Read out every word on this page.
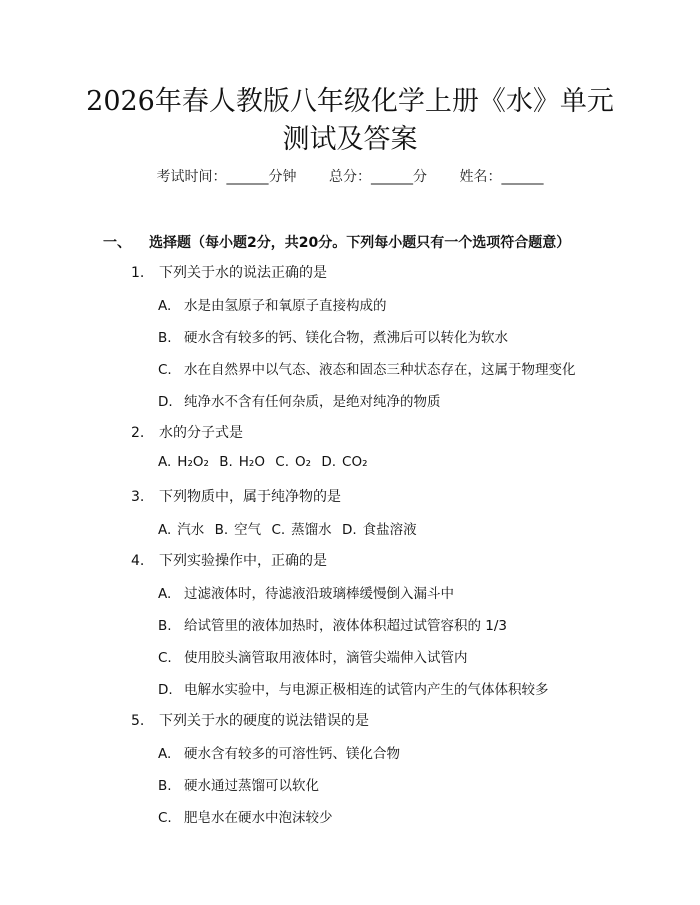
2026年春人教版八年级化学上册《水》单元
测试及答案
考试时间：______分钟 总分：______分 姓名：______
一、 选择题（每小题2分，共20分。下列每小题只有一个选项符合题意）
1. 下列关于水的说法正确的是
A. 水是由氢原子和氧原子直接构成的
B. 硬水含有较多的钙、镁化合物，煮沸后可以转化为软水
C. 水在自然界中以气态、液态和固态三种状态存在，这属于物理变化
D. 纯净水不含有任何杂质，是绝对纯净的物质
2. 水的分子式是
A. H₂O₂ B. H₂O C. O₂ D. CO₂
3. 下列物质中，属于纯净物的是
A. 汽水 B. 空气 C. 蒸馏水 D. 食盐溶液
4. 下列实验操作中，正确的是
A. 过滤液体时，待滤液沿玻璃棒缓慢倒入漏斗中
B. 给试管里的液体加热时，液体体积超过试管容积的 1/3
C. 使用胶头滴管取用液体时，滴管尖端伸入试管内
D. 电解水实验中，与电源正极相连的试管内产生的气体体积较多
5. 下列关于水的硬度的说法错误的是
A. 硬水含有较多的可溶性钙、镁化合物
B. 硬水通过蒸馏可以软化
C. 肥皂水在硬水中泡沫较少
